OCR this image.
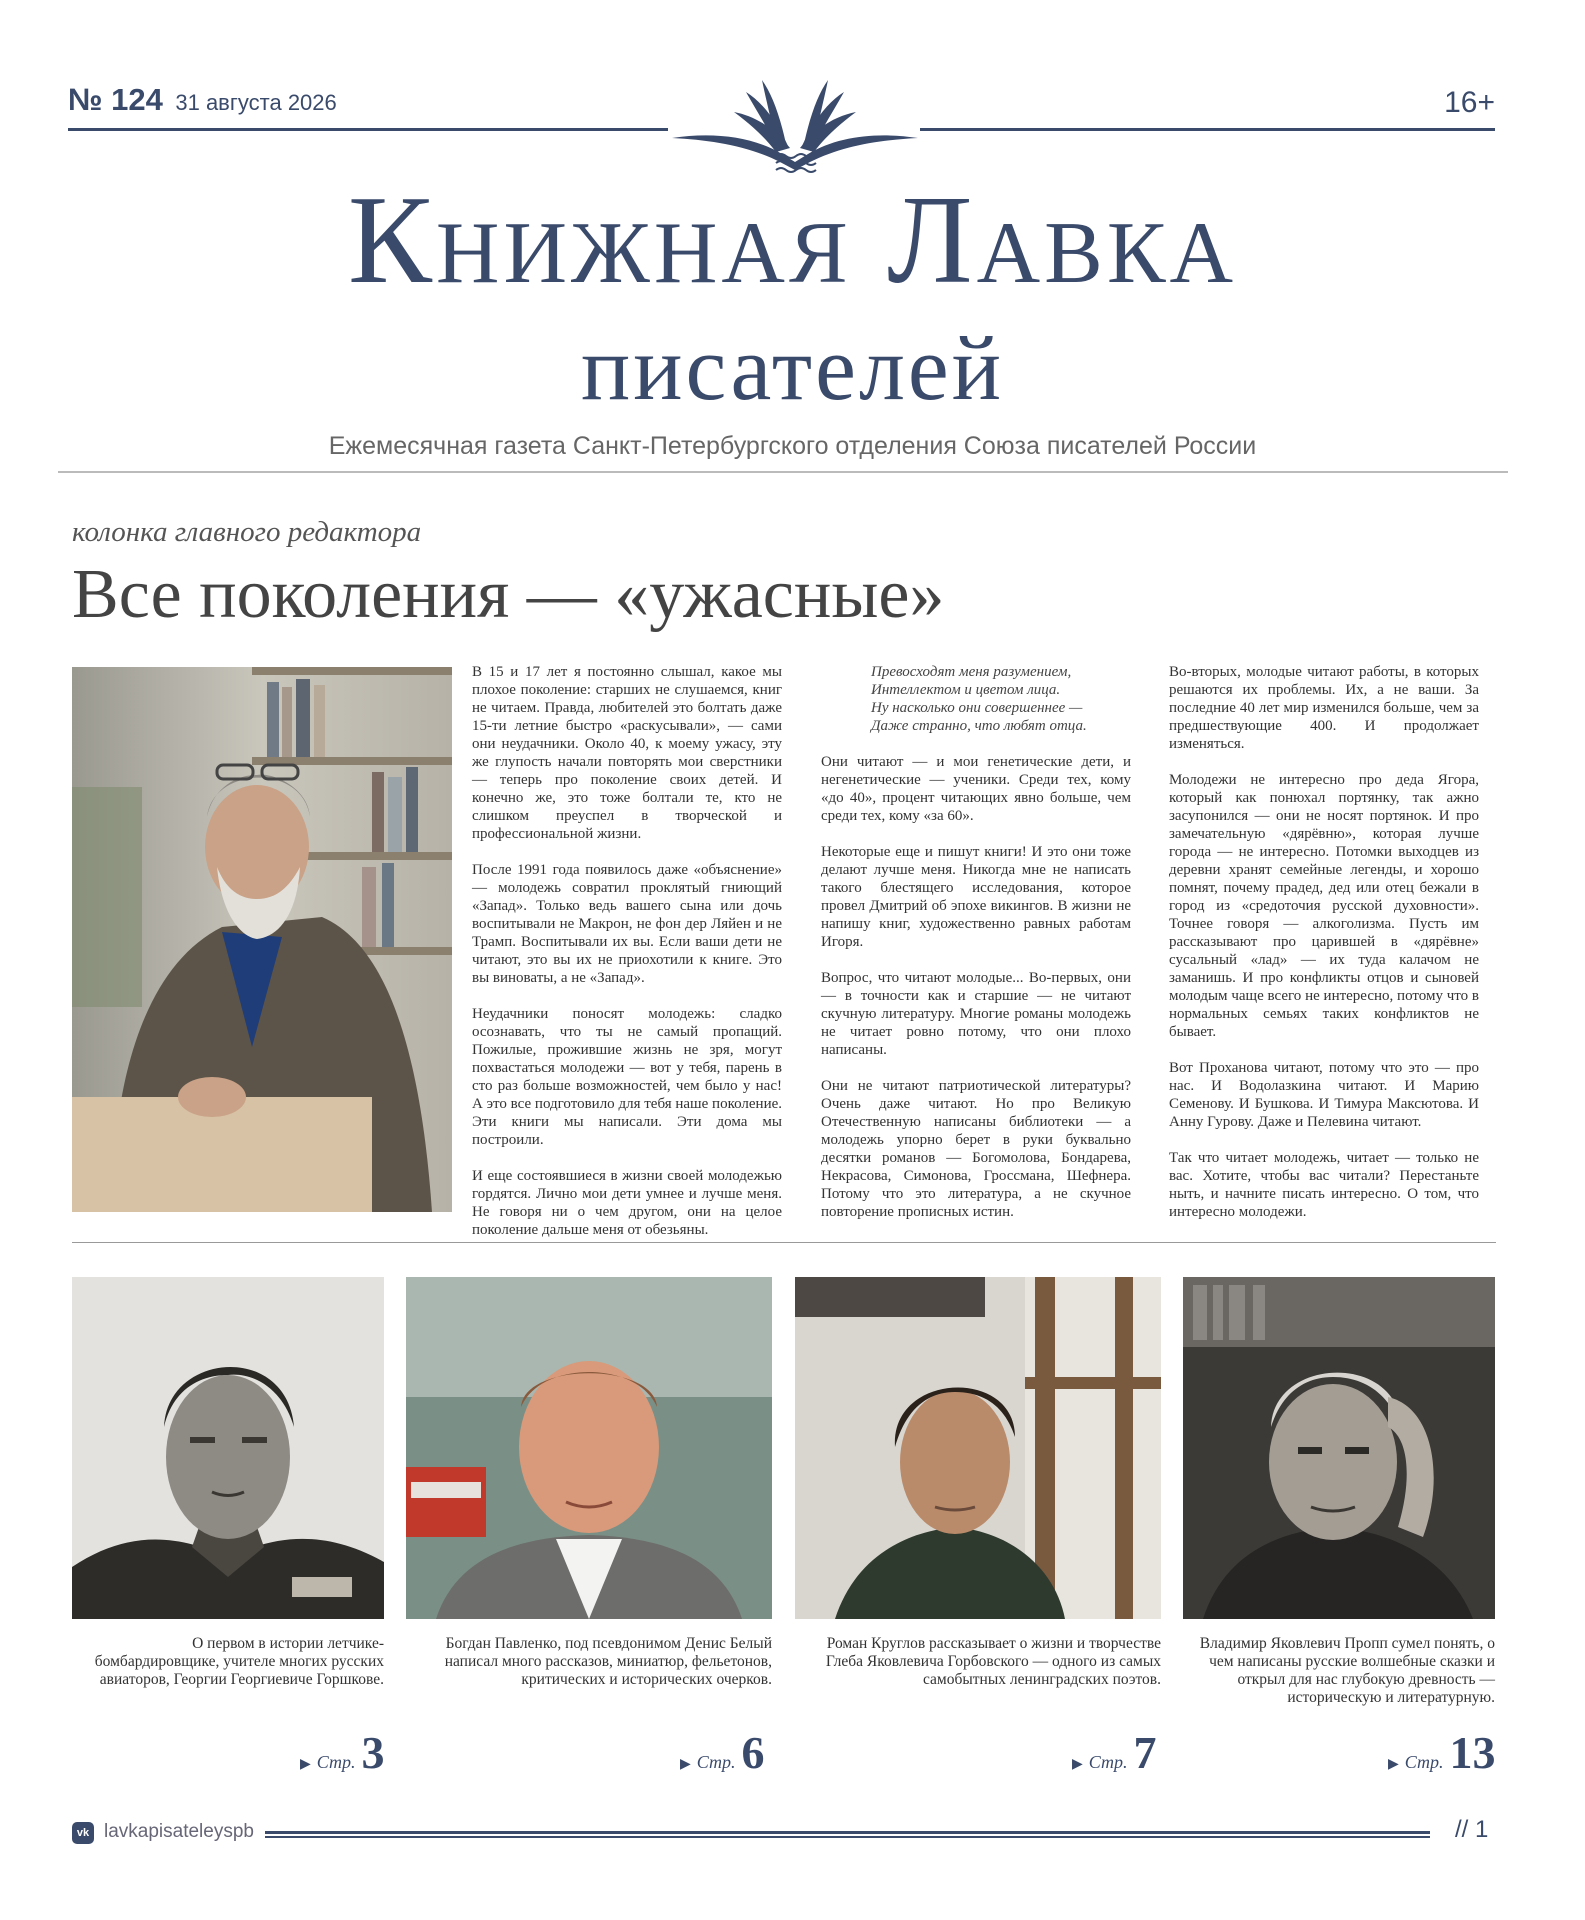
№ 124 31 августа 2026	16+
Книжная Лавка
писателей
Ежемесячная газета Санкт-Петербургского отделения Союза писателей России
колонка главного редактора
Все поколения — «ужасные»

В 15 и 17 лет я постоянно слышал, какое мы плохое поколение: старших не слушаемся, книг не читаем. Правда, любителей это болтать даже 15-ти летние быстро «раскусывали», — сами они неудачники. Около 40, к моему ужасу, эту же глупость начали повторять мои сверстники — теперь про поколение своих детей. И конечно же, это тоже болтали те, кто не слишком преуспел в творческой и профессиональной жизни.

После 1991 года появилось даже «объяснение» — молодежь совратил проклятый гниющий «Запад». Только ведь вашего сына или дочь воспитывали не Макрон, не фон дер Ляйен и не Трамп. Воспитывали их вы. Если ваши дети не читают, это вы их не приохотили к книге. Это вы виноваты, а не «Запад».

Неудачники поносят молодежь: сладко осознавать, что ты не самый пропащий. Пожилые, прожившие жизнь не зря, могут похвастаться молодежи — вот у тебя, парень в сто раз больше возможностей, чем было у нас! А это все подготовило для тебя наше поколение. Эти книги мы написали. Эти дома мы построили.

И еще состоявшиеся в жизни своей молодежью гордятся. Лично мои дети умнее и лучше меня. Не говоря ни о чем другом, они на целое поколение дальше меня от обезьяны.

Превосходят меня разумением,
Интеллектом и цветом лица.
Ну насколько они совершеннее —
Даже странно, что любят отца.

Они читают — и мои генетические дети, и негенетические — ученики. Среди тех, кому «до 40», процент читающих явно больше, чем среди тех, кому «за 60».

Некоторые еще и пишут книги! И это они тоже делают лучше меня. Никогда мне не написать такого блестящего исследования, которое провел Дмитрий об эпохе викингов. В жизни не напишу книг, художественно равных работам Игоря.

Вопрос, что читают молодые... Во-первых, они — в точности как и старшие — не читают скучную литературу. Многие романы молодежь не читает ровно потому, что они плохо написаны.

Они не читают патриотической литературы? Очень даже читают. Но про Великую Отечественную написаны библиотеки — а молодежь упорно берет в руки буквально десятки романов — Богомолова, Бондарева, Некрасова, Симонова, Гроссмана, Шефнера. Потому что это литература, а не скучное повторение прописных истин.

Во-вторых, молодые читают работы, в которых решаются их проблемы. Их, а не ваши. За последние 40 лет мир изменился больше, чем за предшествующие 400. И продолжает изменяться.

Молодежи не интересно про деда Ягора, который как понюхал портянку, так ажно засупонился — они не носят портянок. И про замечательную «дярёвню», которая лучше города — не интересно. Потомки выходцев из деревни хранят семейные легенды, и хорошо помнят, почему прадед, дед или отец бежали в город из «средоточия русской духовности». Точнее говоря — алкоголизма. Пусть им рассказывают про царившей в «дярёвне» сусальный «лад» — их туда калачом не заманишь. И про конфликты отцов и сыновей молодым чаще всего не интересно, потому что в нормальных семьях таких конфликтов не бывает.

Вот Проханова читают, потому что это — про нас. И Водолазкина читают. И Марию Семенову. И Бушкова. И Тимура Максютова. И Анну Гурову. Даже и Пелевина читают.

Так что читает молодежь, читает — только не вас. Хотите, чтобы вас читали? Перестаньте ныть, и начните писать интересно. О том, что интересно молодежи.

О первом в истории летчике-бомбардировщике, учителе многих русских авиаторов, Георгии Георгиевиче Горшкове.
Богдан Павленко, под псевдонимом Денис Белый написал много рассказов, миниатюр, фельетонов, критических и исторических очерков.
Роман Круглов рассказывает о жизни и творчестве Глеба Яковлевича Горбовского — одного из самых самобытных ленинградских поэтов.
Владимир Яковлевич Пропп сумел понять, о чем написаны русские волшебные сказки и открыл для нас глубокую древность — историческую и литературную.
▶ Стр. 3	▶ Стр. 6	▶ Стр. 7	▶ Стр. 13
vk lavkapisateleyspb	// 1
